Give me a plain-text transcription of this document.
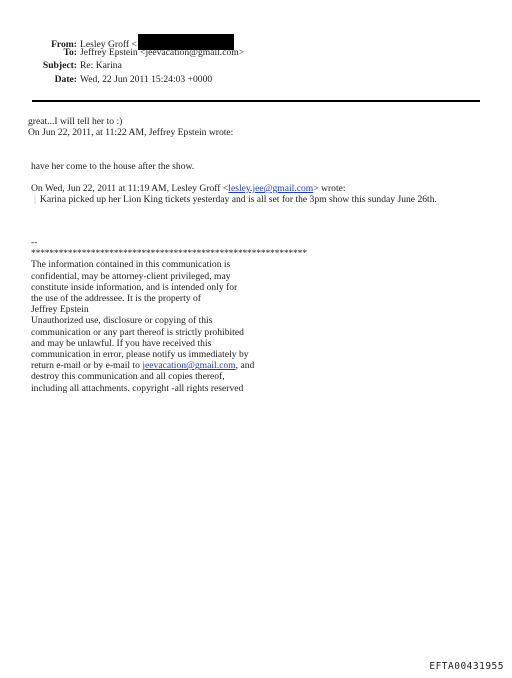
From: Lesley Groff <
To: Jeffrey Epstein <jeevacation@gmail.com>
Subject: Re: Karina
Date: Wed, 22 Jun 2011 15:24:03 +0000
great...I will tell her to :)
On Jun 22, 2011, at 11:22 AM, Jeffrey Epstein wrote:
have her come to the house after the show.
On Wed, Jun 22, 2011 at 11:19 AM, Lesley Groff <lesley.jee@gmail.com> wrote:
| Karina picked up her Lion King tickets yesterday and is all set for the 3pm show this sunday June 26th.
--
************************************************************
The information contained in this communication is
confidential, may be attorney-client privileged, may
constitute inside information, and is intended only for
the use of the addressee. It is the property of
Jeffrey Epstein
Unauthorized use, disclosure or copying of this
communication or any part thereof is strictly prohibited
and may be unlawful. If you have received this
communication in error, please notify us immediately by
return e-mail or by e-mail to jeevacation@gmail.com, and
destroy this communication and all copies thereof,
including all attachments. copyright -all rights reserved
EFTA00431955
